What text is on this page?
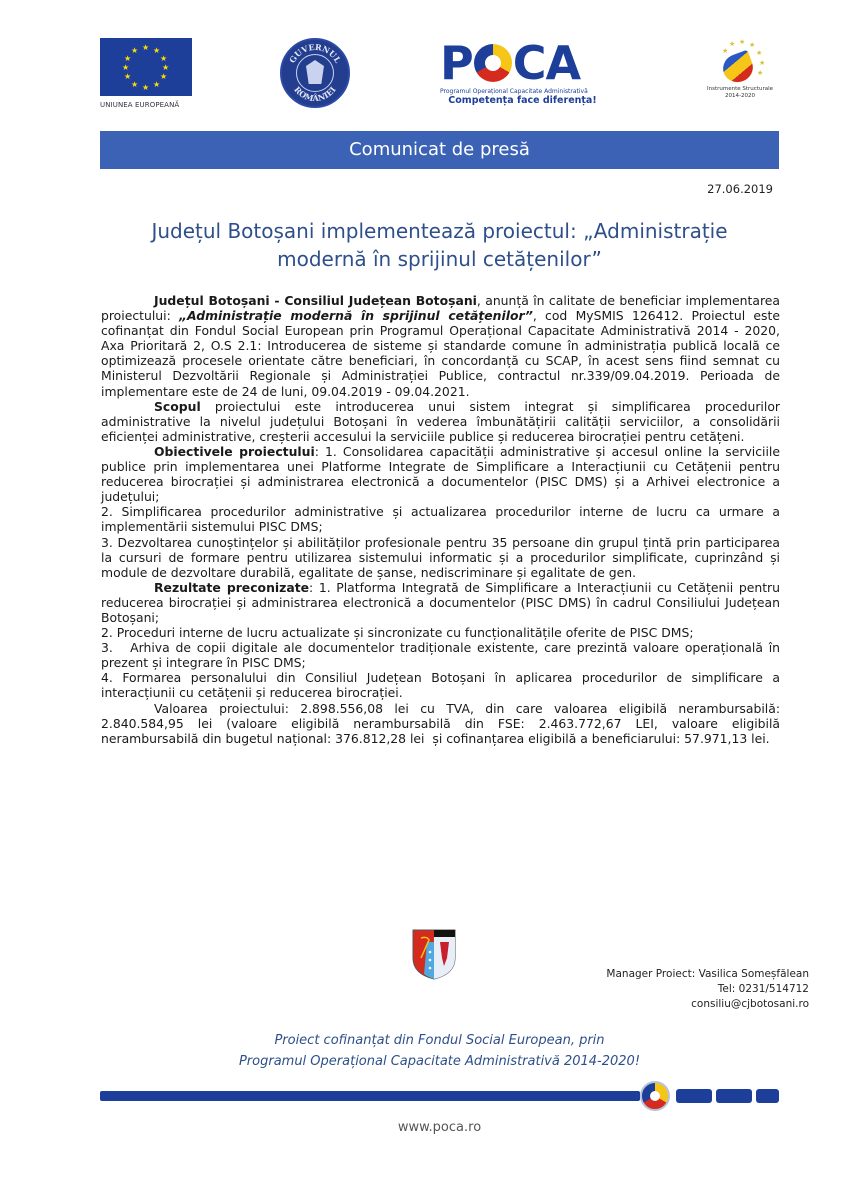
★ ★
★
★
★
★
★
★
★
★
★
★
UNIUNEA EUROPEANĂ
GUVERNUL
ROMÂNIEI P CA
Programul Operațional Capacitate Administrativă
Competența face diferența!
★ ★ ★
★
★
★
★
Instrumente Structurale
2014-2020
Comunicat de presă
27.06.2019
Județul Botoșani implementează proiectul: „Administrație
modernă în sprijinul cetățenilor”

Județul Botoșani - Consiliul Județean Botoșani, anunță în calitate de beneficiar implementarea proiectului: „Administrație modernă în sprijinul cetățenilor”, cod MySMIS 126412. Proiectul este cofinanțat din Fondul Social European prin Programul Operațional Capacitate Administrativă 2014 - 2020, Axa Prioritară 2, O.S 2.1: Introducerea de sisteme și standarde comune în administrația publică locală ce optimizează procesele orientate către beneficiari, în concordanță cu SCAP, în acest sens fiind semnat cu Ministerul Dezvoltării Regionale și Administrației Publice, contractul nr.339/09.04.2019. Perioada de implementare este de 24 de luni, 09.04.2019 - 09.04.2021.

Scopul proiectului este introducerea unui sistem integrat și simplificarea procedurilor administrative la nivelul județului Botoșani în vederea îmbunătățirii calității serviciilor, a consolidării eficienței administrative, creșterii accesului la serviciile publice și reducerea birocrației pentru cetățeni.

Obiectivele proiectului: 1. Consolidarea capacității administrative și accesul online la serviciile publice prin implementarea unei Platforme Integrate de Simplificare a Interacțiunii cu Cetățenii pentru reducerea birocrației și administrarea electronică a documentelor (PISC DMS) și a Arhivei electronice a județului;

2. Simplificarea procedurilor administrative și actualizarea procedurilor interne de lucru ca urmare a implementării sistemului PISC DMS;

3. Dezvoltarea cunoștințelor și abilităților profesionale pentru 35 persoane din grupul țintă prin participarea la cursuri de formare pentru utilizarea sistemului informatic și a procedurilor simplificate, cuprinzând și module de dezvoltare durabilă, egalitate de șanse, nediscriminare și egalitate de gen.

Rezultate preconizate: 1. Platforma Integrată de Simplificare a Interacțiunii cu Cetățenii pentru reducerea birocrației și administrarea electronică a documentelor (PISC DMS) în cadrul Consiliului Județean Botoșani;

2. Proceduri interne de lucru actualizate și sincronizate cu funcționalitățile oferite de PISC DMS;

3.   Arhiva de copii digitale ale documentelor tradiționale existente, care prezintă valoare operațională în prezent și integrare în PISC DMS;

4. Formarea personalului din Consiliul Județean Botoșani în aplicarea procedurilor de simplificare a interacțiunii cu cetățenii și reducerea birocrației.

Valoarea proiectului: 2.898.556,08 lei cu TVA, din care valoarea eligibilă nerambursabilă: 2.840.584,95 lei (valoare eligibilă nerambursabilă din FSE: 2.463.772,67 LEI, valoare eligibilă nerambursabilă din bugetul național: 376.812,28 lei  și cofinanțarea eligibilă a beneficiarului: 57.971,13 lei.

Manager Proiect: Vasilica Someșfălean
Tel: 0231/514712
consiliu@cjbotosani.ro
Proiect cofinanțat din Fondul Social European, prin
Programul Operațional Capacitate Administrativă 2014-2020!
www.poca.ro
